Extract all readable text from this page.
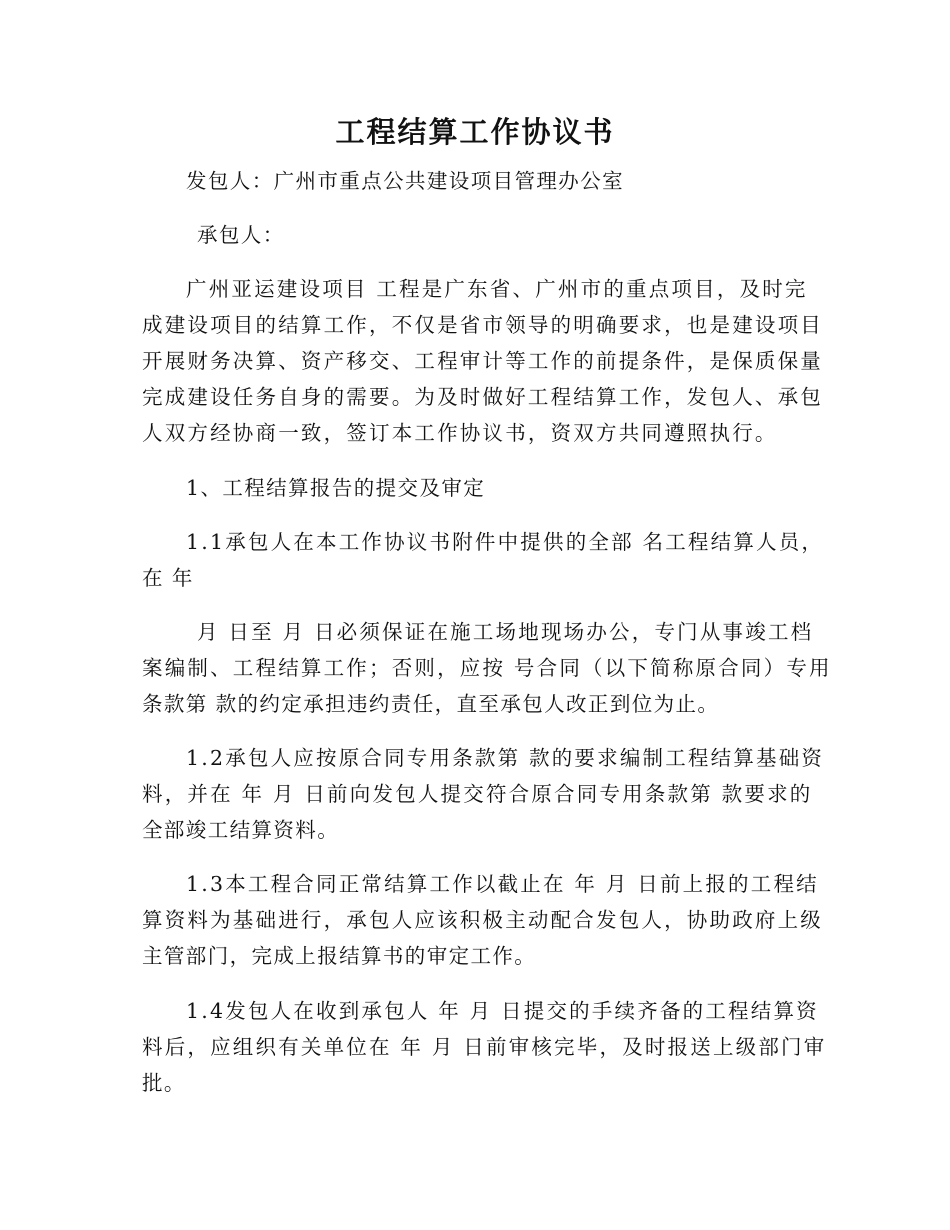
工程结算工作协议书
发包人：广州市重点公共建设项目管理办公室
承包人：
广州亚运建设项目 工程是广东省、广州市的重点项目，及时完
成建设项目的结算工作，不仅是省市领导的明确要求，也是建设项目
开展财务决算、资产移交、工程审计等工作的前提条件，是保质保量
完成建设任务自身的需要。为及时做好工程结算工作，发包人、承包
人双方经协商一致，签订本工作协议书，资双方共同遵照执行。
1、工程结算报告的提交及审定
1.1承包人在本工作协议书附件中提供的全部 名工程结算人员，
在 年
月 日至 月 日必须保证在施工场地现场办公，专门从事竣工档
案编制、工程结算工作；否则，应按 号合同（以下简称原合同）专用
条款第 款的约定承担违约责任，直至承包人改正到位为止。
1.2承包人应按原合同专用条款第 款的要求编制工程结算基础资
料，并在 年 月 日前向发包人提交符合原合同专用条款第 款要求的
全部竣工结算资料。
1.3本工程合同正常结算工作以截止在 年 月 日前上报的工程结
算资料为基础进行，承包人应该积极主动配合发包人，协助政府上级
主管部门，完成上报结算书的审定工作。
1.4发包人在收到承包人 年 月 日提交的手续齐备的工程结算资
料后，应组织有关单位在 年 月 日前审核完毕，及时报送上级部门审
批。
